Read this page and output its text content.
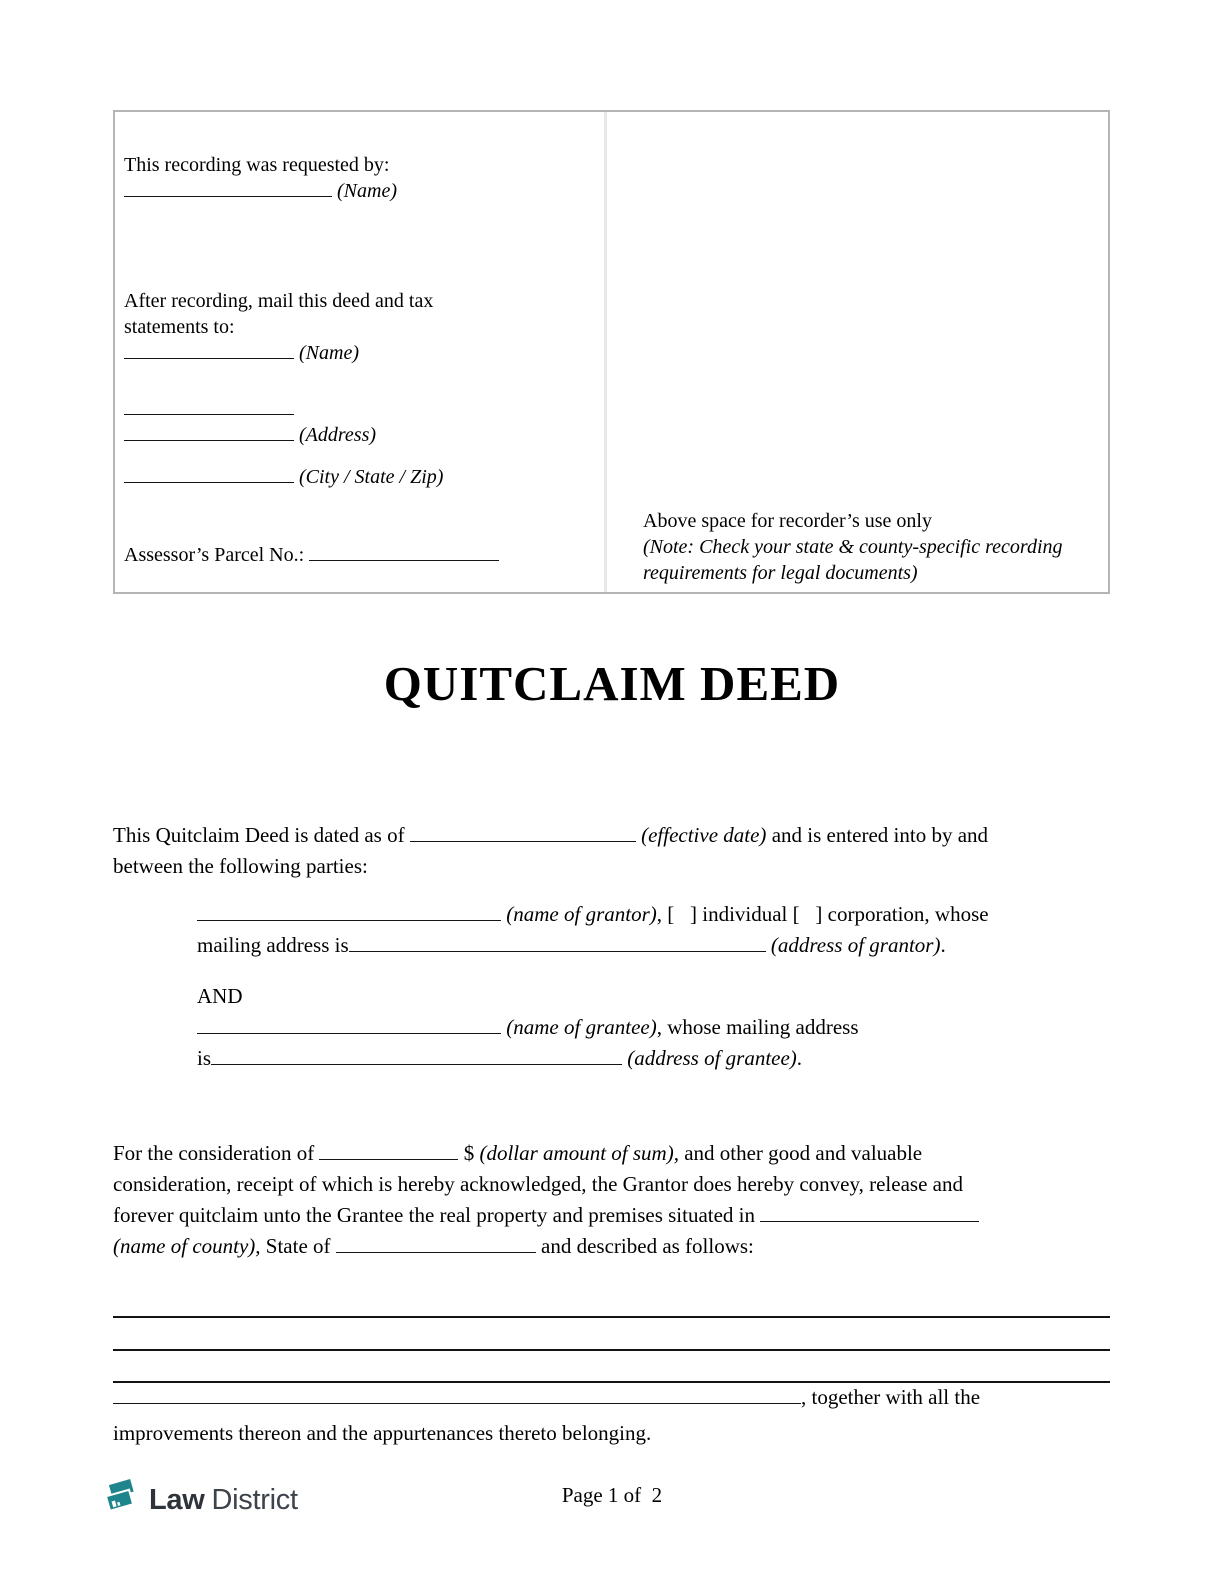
This recording was requested by:
(Name)
After recording, mail this deed and tax
statements to:
(Name)
(Address)
(City / State / Zip)
Assessor’s Parcel No.:
Above space for recorder’s use only
(Note: Check your state & county-specific recording
requirements for legal documents)
QUITCLAIM DEED
This Quitclaim Deed is dated as of	(effective date) and is entered into by and
between the following parties:
(name of grantor), [   ] individual [   ] corporation, whose
mailing address is	(address of grantor).
AND
(name of grantee), whose mailing address
is	(address of grantee).
For the consideration of	$ (dollar amount of sum), and other good and valuable
consideration, receipt of which is hereby acknowledged, the Grantor does hereby convey, release and
forever quitclaim unto the Grantee the real property and premises situated in
(name of county), State of	and described as follows:
, together with all the
improvements thereon and the appurtenances thereto belonging.
Law District	Page 1 of  2
